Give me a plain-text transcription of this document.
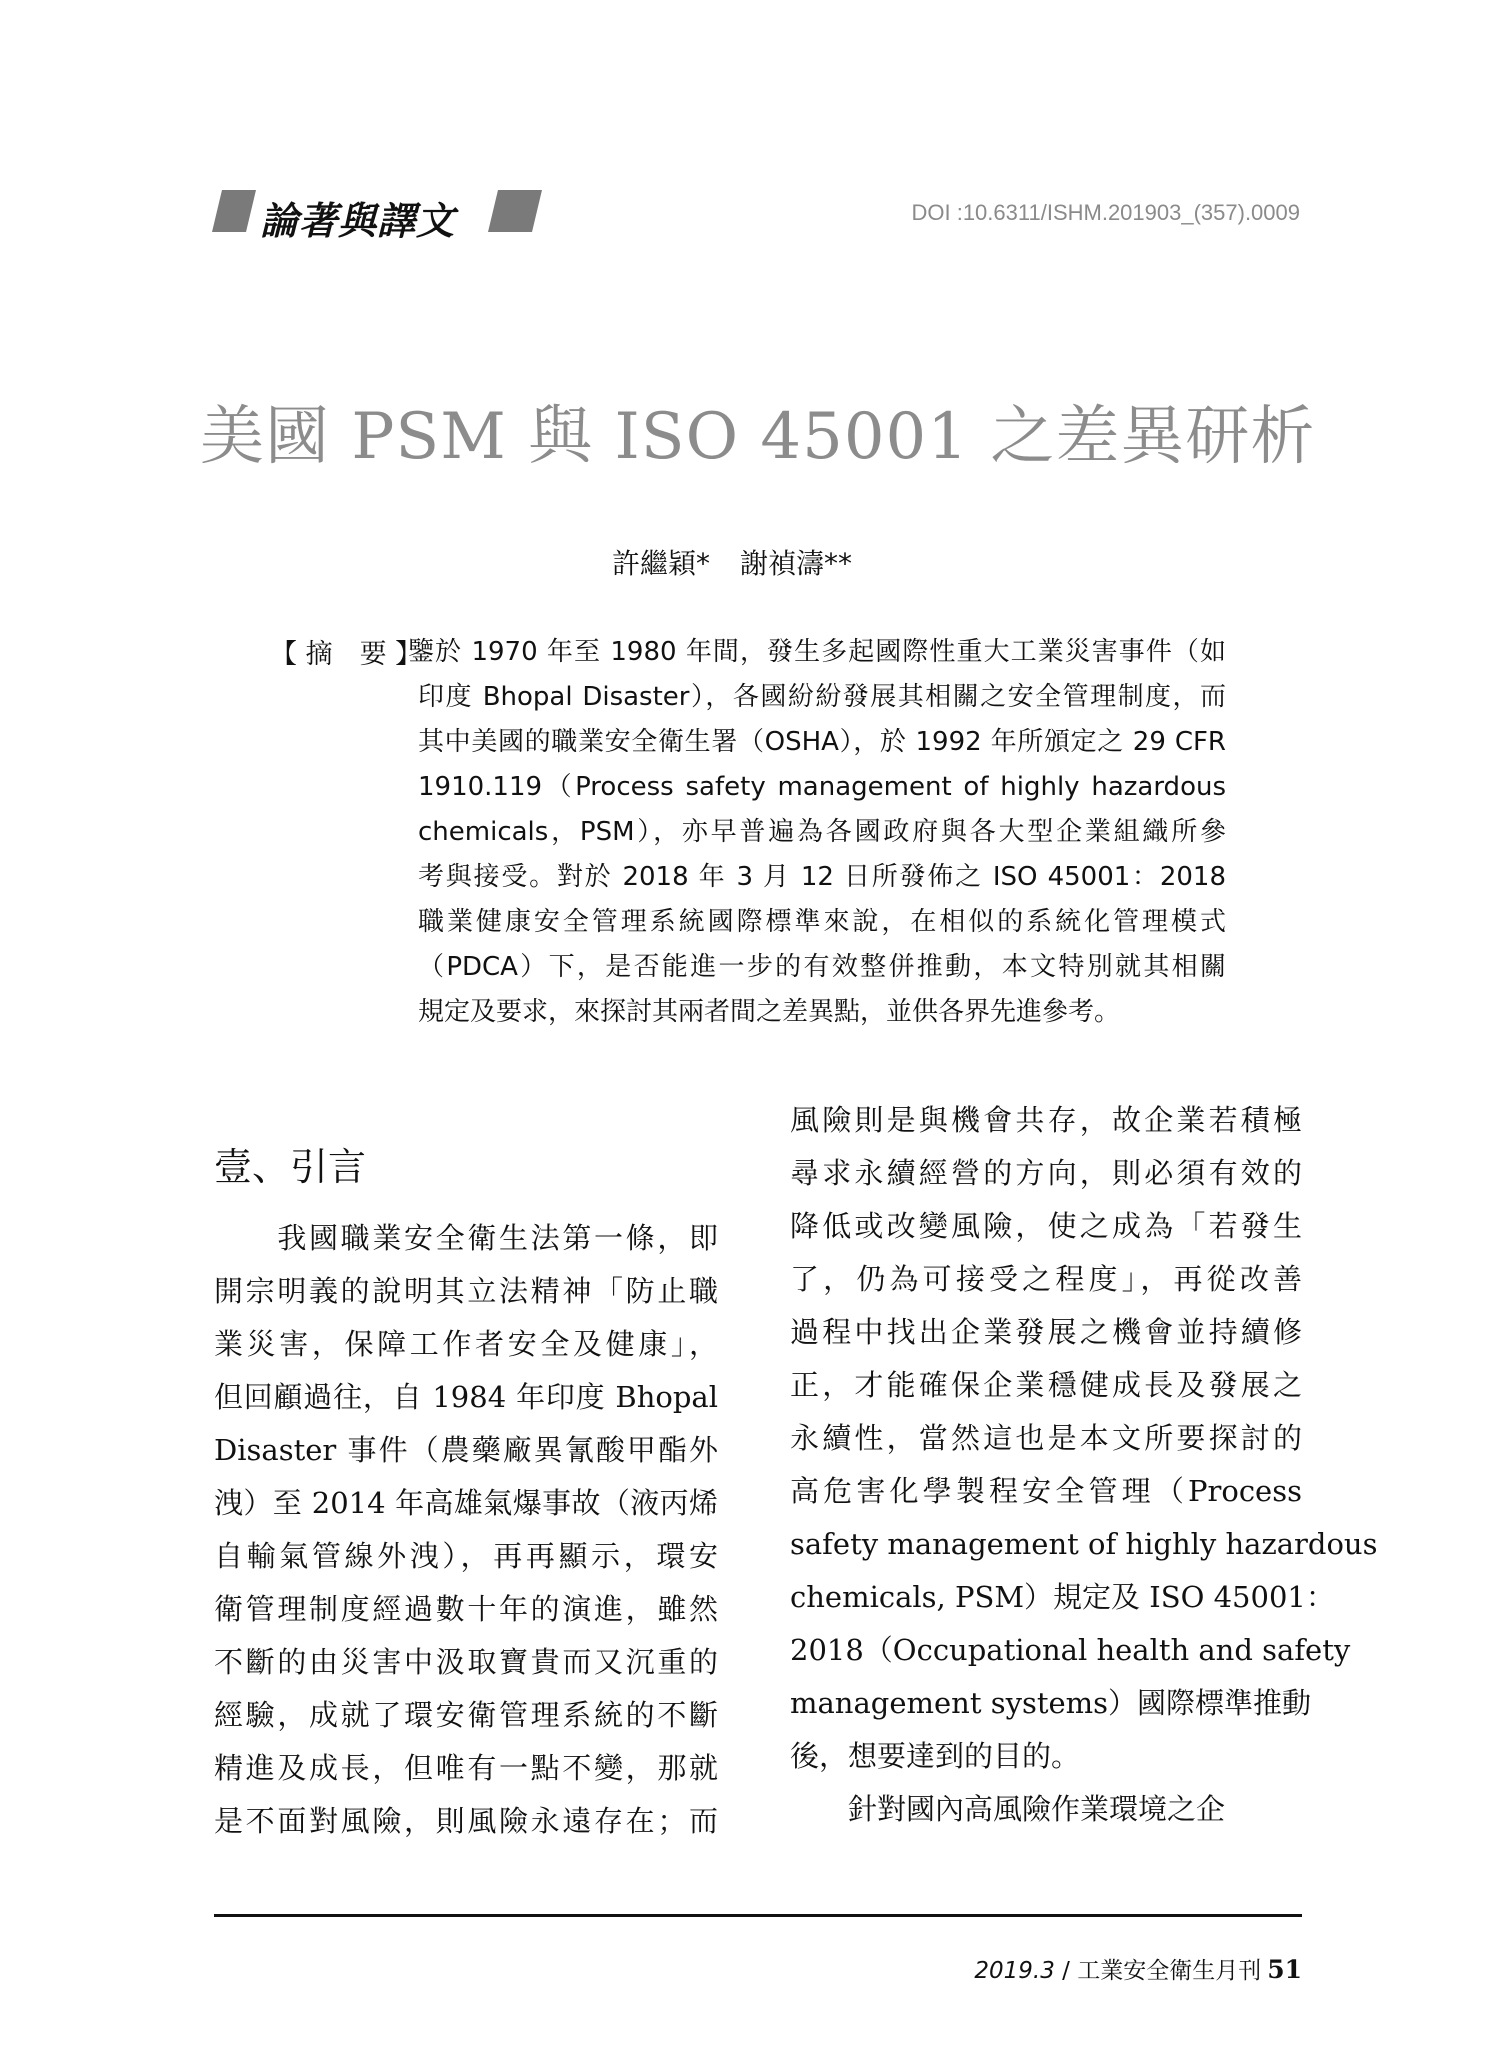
論著與譯文	DOI :10.6311/ISHM.201903_(357).0009
美國 PSM 與 ISO 45001 之差異研析
許繼穎* 謝禎濤**
【 摘　要 】
鑒於 1970 年至 1980 年間，發生多起國際性重大工業災害事件（如
印度 Bhopal Disaster），各國紛紛發展其相關之安全管理制度，而
其中美國的職業安全衛生署（OSHA），於 1992 年所頒定之 29 CFR
1910.119（Process safety management of highly hazardous
chemicals，PSM），亦早普遍為各國政府與各大型企業組織所參
考與接受。對於 2018 年 3 月 12 日所發佈之 ISO 45001：2018
職業健康安全管理系統國際標準來說，在相似的系統化管理模式
（PDCA）下，是否能進一步的有效整併推動，本文特別就其相關
規定及要求，來探討其兩者間之差異點，並供各界先進參考。
壹、引言
　　我國職業安全衛生法第一條，即
開宗明義的說明其立法精神「防止職
業災害，保障工作者安全及健康」，
但回顧過往，自 1984 年印度 Bhopal
Disaster 事件（農藥廠異氰酸甲酯外
洩）至 2014 年高雄氣爆事故（液丙烯
自輸氣管線外洩），再再顯示，環安
衛管理制度經過數十年的演進，雖然
不斷的由災害中汲取寶貴而又沉重的
經驗，成就了環安衛管理系統的不斷
精進及成長，但唯有一點不變，那就
是不面對風險，則風險永遠存在；而
風險則是與機會共存，故企業若積極
尋求永續經營的方向，則必須有效的
降低或改變風險，使之成為「若發生
了，仍為可接受之程度」，再從改善
過程中找出企業發展之機會並持續修
正，才能確保企業穩健成長及發展之
永續性，當然這也是本文所要探討的
高危害化學製程安全管理（Process
safety management of highly hazardous
chemicals, PSM）規定及 ISO 45001：
2018（Occupational health and safety
management systems）國際標準推動
後，想要達到的目的。
　　針對國內高風險作業環境之企
2019.3 / 工業安全衛生月刊 51
